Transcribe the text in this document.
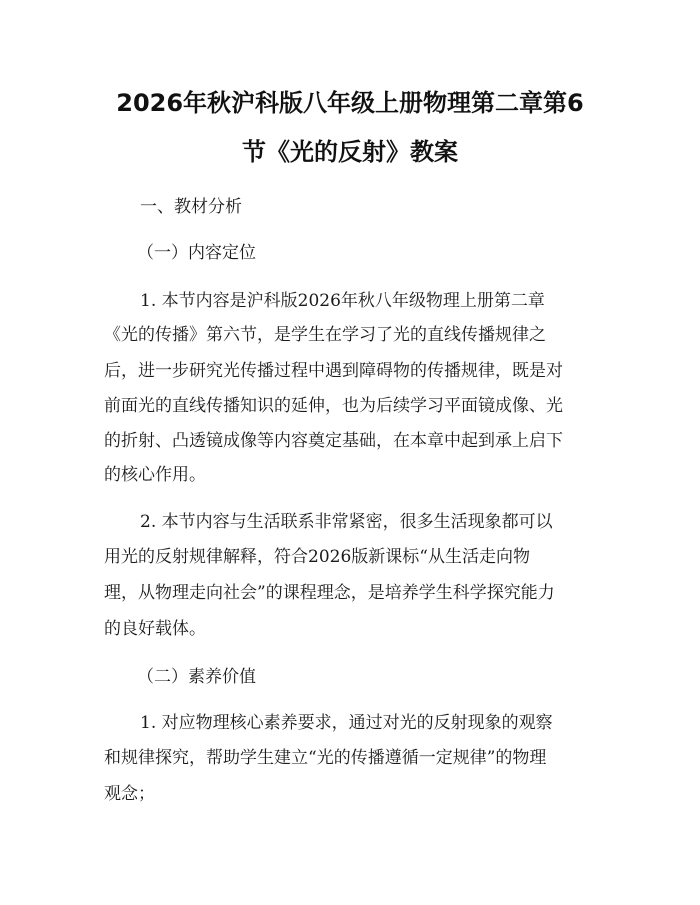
2026年秋沪科版八年级上册物理第二章第6
节《光的反射》教案

一、教材分析

（一）内容定位

1. 本节内容是沪科版2026年秋八年级物理上册第二章

《光的传播》第六节，是学生在学习了光的直线传播规律之

后，进一步研究光传播过程中遇到障碍物的传播规律，既是对

前面光的直线传播知识的延伸，也为后续学习平面镜成像、光

的折射、凸透镜成像等内容奠定基础，在本章中起到承上启下

的核心作用。

2. 本节内容与生活联系非常紧密，很多生活现象都可以

用光的反射规律解释，符合2026版新课标“从生活走向物

理，从物理走向社会”的课程理念，是培养学生科学探究能力

的良好载体。

（二）素养价值

1. 对应物理核心素养要求，通过对光的反射现象的观察

和规律探究，帮助学生建立“光的传播遵循一定规律”的物理

观念；
